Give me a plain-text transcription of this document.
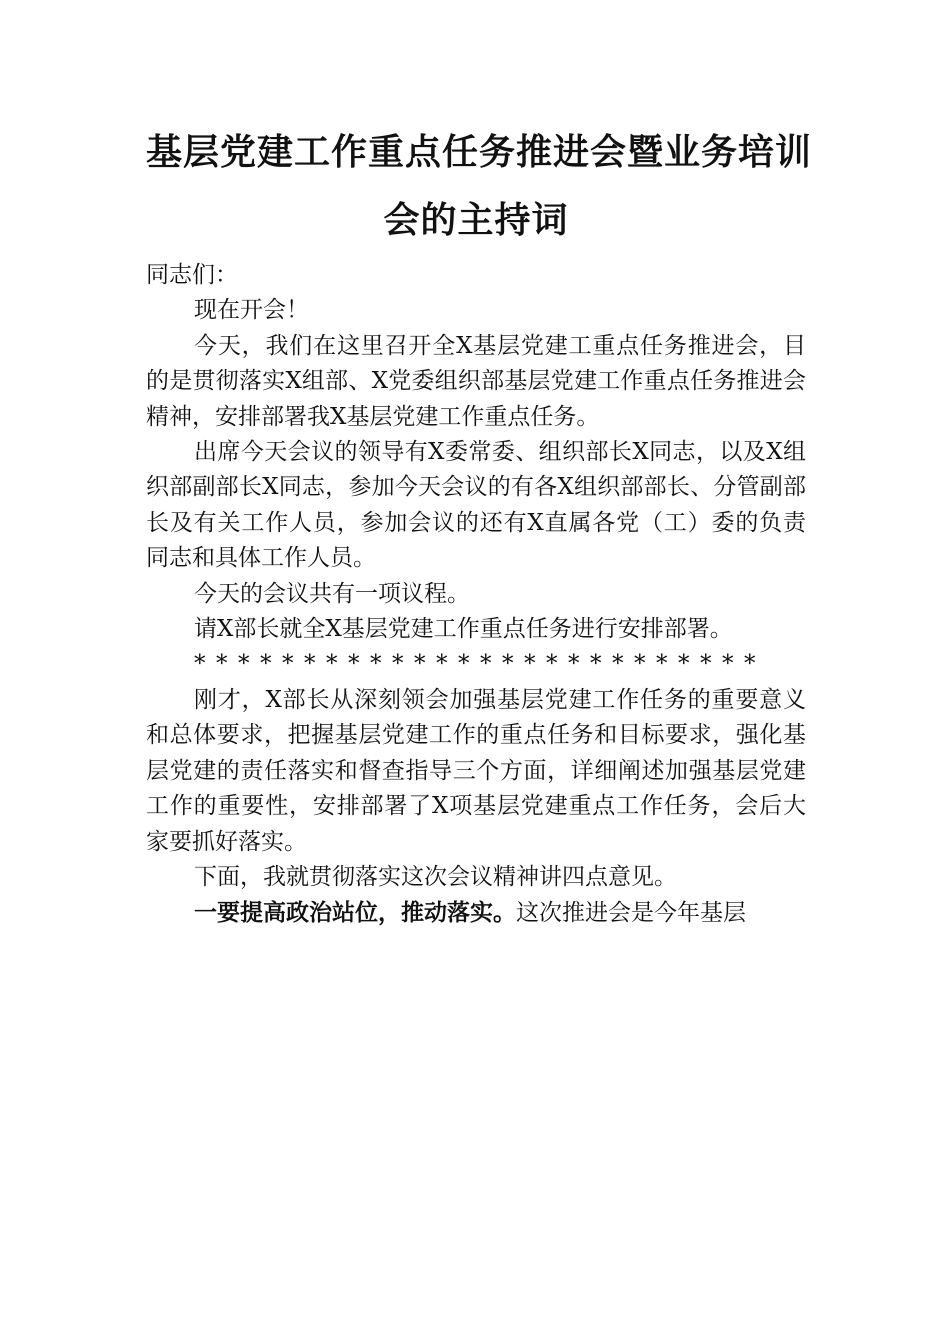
基层党建工作重点任务推进会暨业务培训
会的主持词

同志们：

现在开会！

今天，我们在这里召开全X基层党建工重点任务推进会，目的是贯彻落实X组部、X党委组织部基层党建工作重点任务推进会精神，安排部署我X基层党建工作重点任务。

出席今天会议的领导有X委常委、组织部长X同志，以及X组织部副部长X同志，参加今天会议的有各X组织部部长、分管副部长及有关工作人员，参加会议的还有X直属各党（工）委的负责同志和具体工作人员。

今天的会议共有一项议程。

请X部长就全X基层党建工作重点任务进行安排部署。

**************************

刚才，X部长从深刻领会加强基层党建工作任务的重要意义和总体要求，把握基层党建工作的重点任务和目标要求，强化基层党建的责任落实和督查指导三个方面，详细阐述加强基层党建工作的重要性，安排部署了X项基层党建重点工作任务，会后大家要抓好落实。

下面，我就贯彻落实这次会议精神讲四点意见。

一要提高政治站位，推动落实。这次推进会是今年基层
